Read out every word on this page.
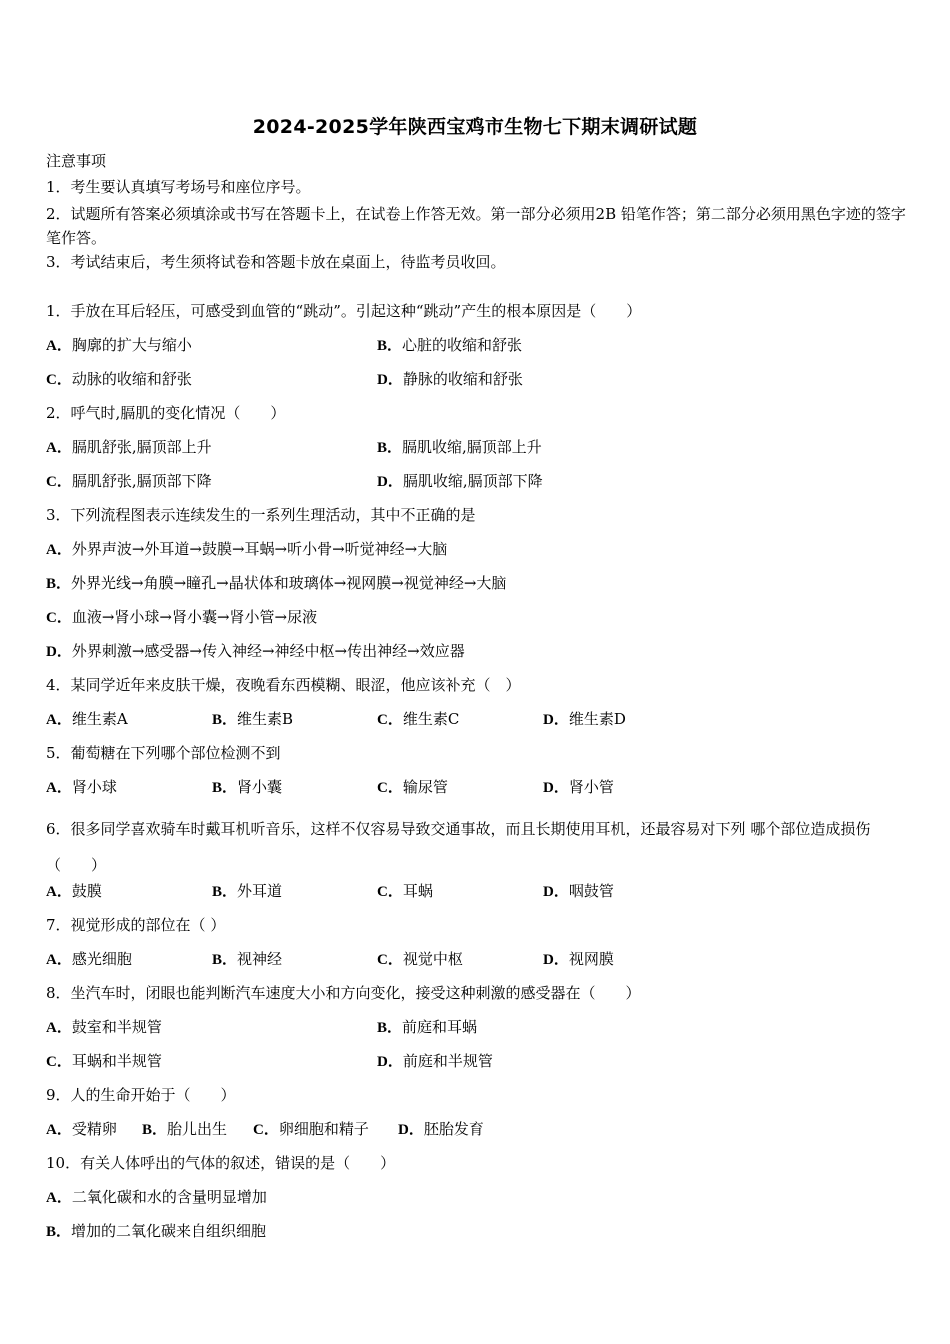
2024-2025学年陕西宝鸡市生物七下期末调研试题
注意事项
1．考生要认真填写考场号和座位序号。
2．试题所有答案必须填涂或书写在答题卡上，在试卷上作答无效。第一部分必须用2B 铅笔作答；第二部分必须用黑色字迹的签字笔作答。
3．考试结束后，考生须将试卷和答题卡放在桌面上，待监考员收回。
1．手放在耳后轻压，可感受到血管的“跳动”。引起这种“跳动”产生的根本原因是（　　）
A．胸廓的扩大与缩小	B．心脏的收缩和舒张
C．动脉的收缩和舒张	D．静脉的收缩和舒张
2．呼气时,膈肌的变化情况（　　）
A．膈肌舒张,膈顶部上升	B．膈肌收缩,膈顶部上升
C．膈肌舒张,膈顶部下降	D．膈肌收缩,膈顶部下降
3．下列流程图表示连续发生的一系列生理活动，其中不正确的是
A．外界声波→外耳道→鼓膜→耳蜗→听小骨→听觉神经→大脑
B．外界光线→角膜→瞳孔→晶状体和玻璃体→视网膜→视觉神经→大脑
C．血液→肾小球→肾小囊→肾小管→尿液
D．外界刺激→感受器→传入神经→神经中枢→传出神经→效应器
4．某同学近年来皮肤干燥，夜晚看东西模糊、眼涩，他应该补充（　）
A．维生素A	B．维生素B	C．维生素C	D．维生素D
5．葡萄糖在下列哪个部位检测不到
A．肾小球	B．肾小囊	C．输尿管	D．肾小管
6．很多同学喜欢骑车时戴耳机听音乐，这样不仅容易导致交通事故，而且长期使用耳机，还最容易对下列 哪个部位造成损伤（　　）
A．鼓膜	B．外耳道	C．耳蜗	D．咽鼓管
7．视觉形成的部位在（ ）
A．感光细胞	B．视神经	C．视觉中枢	D．视网膜
8．坐汽车时，闭眼也能判断汽车速度大小和方向变化，接受这种刺激的感受器在（　　）
A．鼓室和半规管	B．前庭和耳蜗
C．耳蜗和半规管	D．前庭和半规管
9．人的生命开始于（　　）
A．受精卵 B．胎儿出生 C．卵细胞和精子 D．胚胎发育
10．有关人体呼出的气体的叙述，错误的是（　　）
A．二氧化碳和水的含量明显增加
B．增加的二氧化碳来自组织细胞
